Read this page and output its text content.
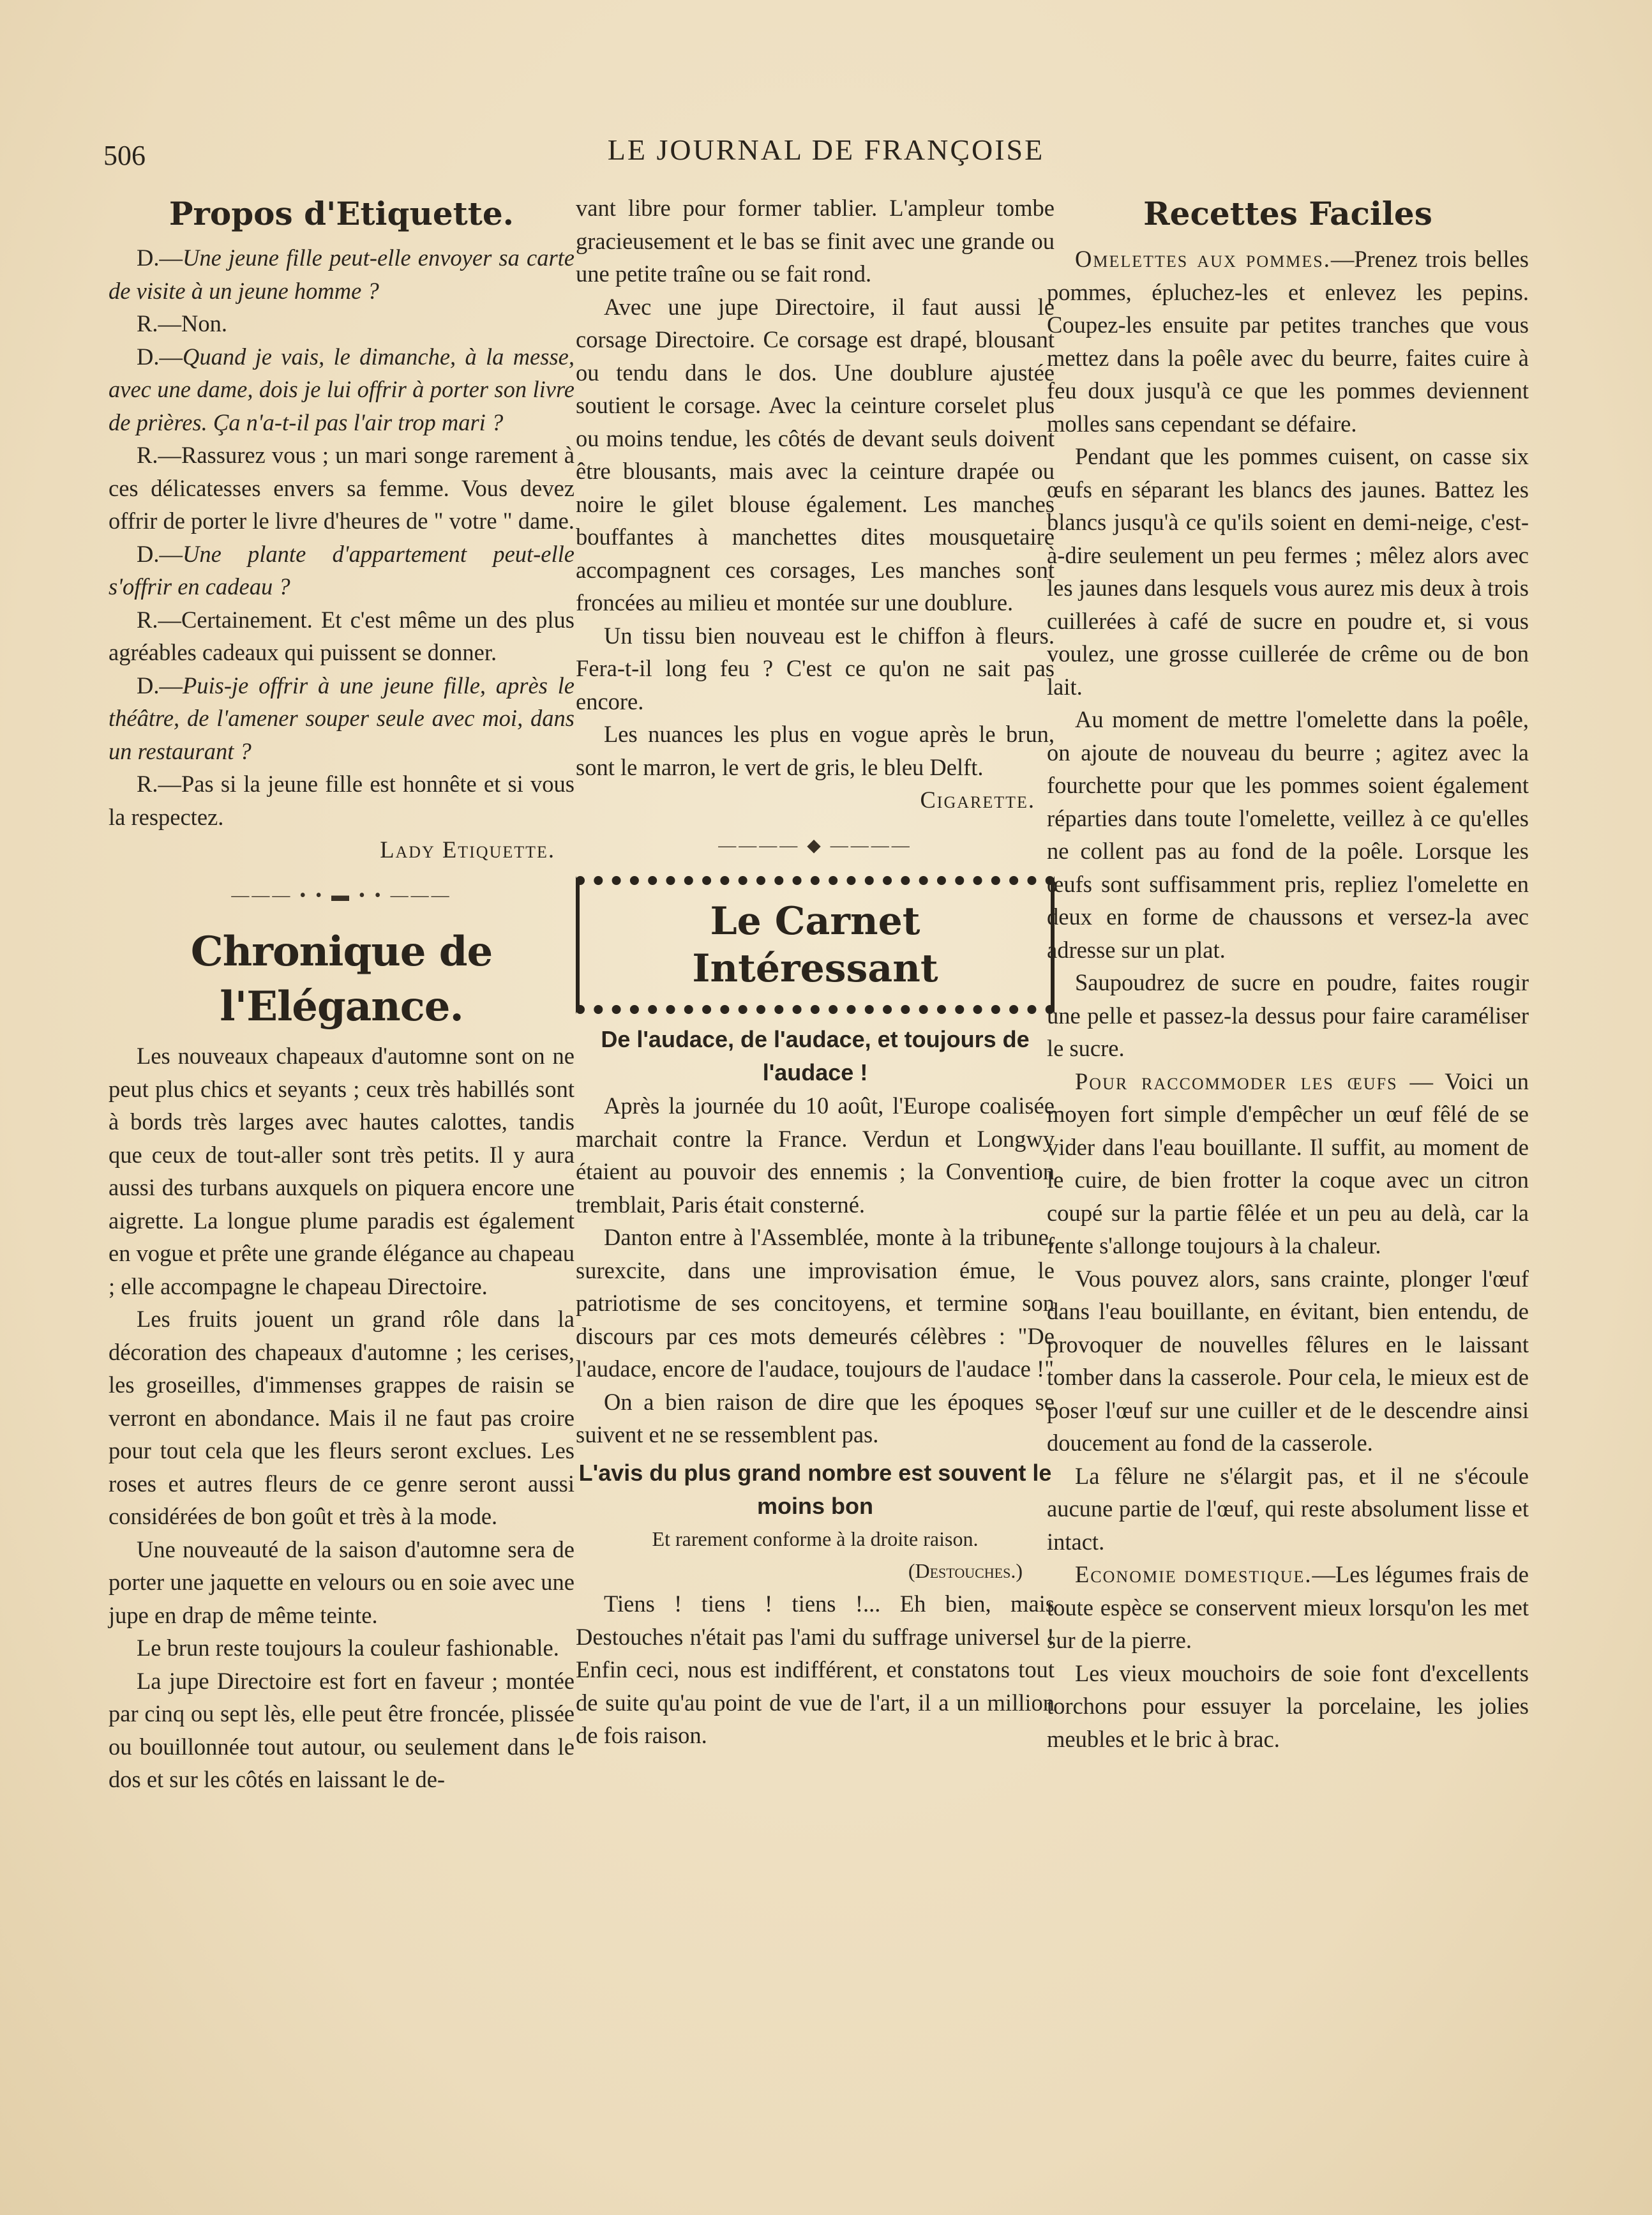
506	LE JOURNAL DE FRANÇOISE
Propos d'Etiquette.

D.—Une jeune fille peut-elle envoyer sa carte de visite à un jeune homme ?

R.—Non.

D.—Quand je vais, le dimanche, à la messe, avec une dame, dois je lui offrir à porter son livre de prières. Ça n'a-t-il pas l'air trop mari ?

R.—Rassurez vous ; un mari songe rarement à ces délicatesses envers sa femme. Vous devez offrir de porter le livre d'heures de " votre " dame.

D.—Une plante d'appartement peut-elle s'offrir en cadeau ?

R.—Certainement. Et c'est même un des plus agréables cadeaux qui puissent se donner.

D.—Puis-je offrir à une jeune fille, après le théâtre, de l'amener souper seule avec moi, dans un restaurant ?

R.—Pas si la jeune fille est honnête et si vous la respectez.

Lady Etiquette.

——— • • ▬ • • ———
Chronique de l'Elégance.

Les nouveaux chapeaux d'automne sont on ne peut plus chics et seyants ; ceux très habillés sont à bords très larges avec hautes calottes, tandis que ceux de tout-aller sont très petits. Il y aura aussi des turbans auxquels on piquera encore une aigrette. La longue plume paradis est également en vogue et prête une grande élégance au chapeau ; elle accompagne le chapeau Directoire.

Les fruits jouent un grand rôle dans la décoration des chapeaux d'automne ; les cerises, les groseilles, d'immenses grappes de raisin se verront en abondance. Mais il ne faut pas croire pour tout cela que les fleurs seront exclues. Les roses et autres fleurs de ce genre seront aussi considérées de bon goût et très à la mode.

Une nouveauté de la saison d'automne sera de porter une jaquette en velours ou en soie avec une jupe en drap de même teinte.

Le brun reste toujours la couleur fashionable.

La jupe Directoire est fort en faveur ; montée par cinq ou sept lès, elle peut être froncée, plissée ou bouillonnée tout autour, ou seulement dans le dos et sur les côtés en laissant le de-

vant libre pour former tablier. L'ampleur tombe gracieusement et le bas se finit avec une grande ou une petite traîne ou se fait rond.

Avec une jupe Directoire, il faut aussi le corsage Directoire. Ce corsage est drapé, blousant ou tendu dans le dos. Une doublure ajustée soutient le corsage. Avec la ceinture corselet plus ou moins tendue, les côtés de devant seuls doivent être blousants, mais avec la ceinture drapée ou noire le gilet blouse également. Les manches bouffantes à manchettes dites mousquetaire accompagnent ces corsages, Les manches sont froncées au milieu et montée sur une doublure.

Un tissu bien nouveau est le chiffon à fleurs. Fera-t-il long feu ? C'est ce qu'on ne sait pas encore.

Les nuances les plus en vogue après le brun, sont le marron, le vert de gris, le bleu Delft.

Cigarette.

———— ◆ ————
Le Carnet Intéressant

De l'audace, de l'audace, et toujours de l'audace !

Après la journée du 10 août, l'Europe coalisée marchait contre la France. Verdun et Longwy étaient au pouvoir des ennemis ; la Convention tremblait, Paris était consterné.

Danton entre à l'Assemblée, monte à la tribune, surexcite, dans une improvisation émue, le patriotisme de ses concitoyens, et termine son discours par ces mots demeurés célèbres : "De l'audace, encore de l'audace, toujours de l'audace !"

On a bien raison de dire que les époques se suivent et ne se ressemblent pas.

L'avis du plus grand nombre est souvent le moins bon

Et rarement conforme à la droite raison.

(Destouches.)

Tiens ! tiens ! tiens !... Eh bien, mais Destouches n'était pas l'ami du suffrage universel ! Enfin ceci, nous est indifférent, et constatons tout de suite qu'au point de vue de l'art, il a un million de fois raison.

Recettes Faciles

Omelettes aux pommes.—Prenez trois belles pommes, épluchez-les et enlevez les pepins. Coupez-les ensuite par petites tranches que vous mettez dans la poêle avec du beurre, faites cuire à feu doux jusqu'à ce que les pommes deviennent molles sans cependant se défaire.

Pendant que les pommes cuisent, on casse six œufs en séparant les blancs des jaunes. Battez les blancs jusqu'à ce qu'ils soient en demi-neige, c'est-à-dire seulement un peu fermes ; mêlez alors avec les jaunes dans lesquels vous aurez mis deux à trois cuillerées à café de sucre en poudre et, si vous voulez, une grosse cuillerée de crême ou de bon lait.

Au moment de mettre l'omelette dans la poêle, on ajoute de nouveau du beurre ; agitez avec la fourchette pour que les pommes soient également réparties dans toute l'omelette, veillez à ce qu'elles ne collent pas au fond de la poêle. Lorsque les œufs sont suffisamment pris, repliez l'omelette en deux en forme de chaussons et versez-la avec adresse sur un plat.

Saupoudrez de sucre en poudre, faites rougir une pelle et passez-la dessus pour faire caraméliser le sucre.

Pour raccommoder les œufs — Voici un moyen fort simple d'empêcher un œuf fêlé de se vider dans l'eau bouillante. Il suffit, au moment de le cuire, de bien frotter la coque avec un citron coupé sur la partie fêlée et un peu au delà, car la fente s'allonge toujours à la chaleur.

Vous pouvez alors, sans crainte, plonger l'œuf dans l'eau bouillante, en évitant, bien entendu, de provoquer de nouvelles fêlures en le laissant tomber dans la casserole. Pour cela, le mieux est de poser l'œuf sur une cuiller et de le descendre ainsi doucement au fond de la casserole.

La fêlure ne s'élargit pas, et il ne s'écoule aucune partie de l'œuf, qui reste absolument lisse et intact.

Economie domestique.—Les légumes frais de toute espèce se conservent mieux lorsqu'on les met sur de la pierre.

Les vieux mouchoirs de soie font d'excellents torchons pour essuyer la porcelaine, les jolies meubles et le bric à brac.
